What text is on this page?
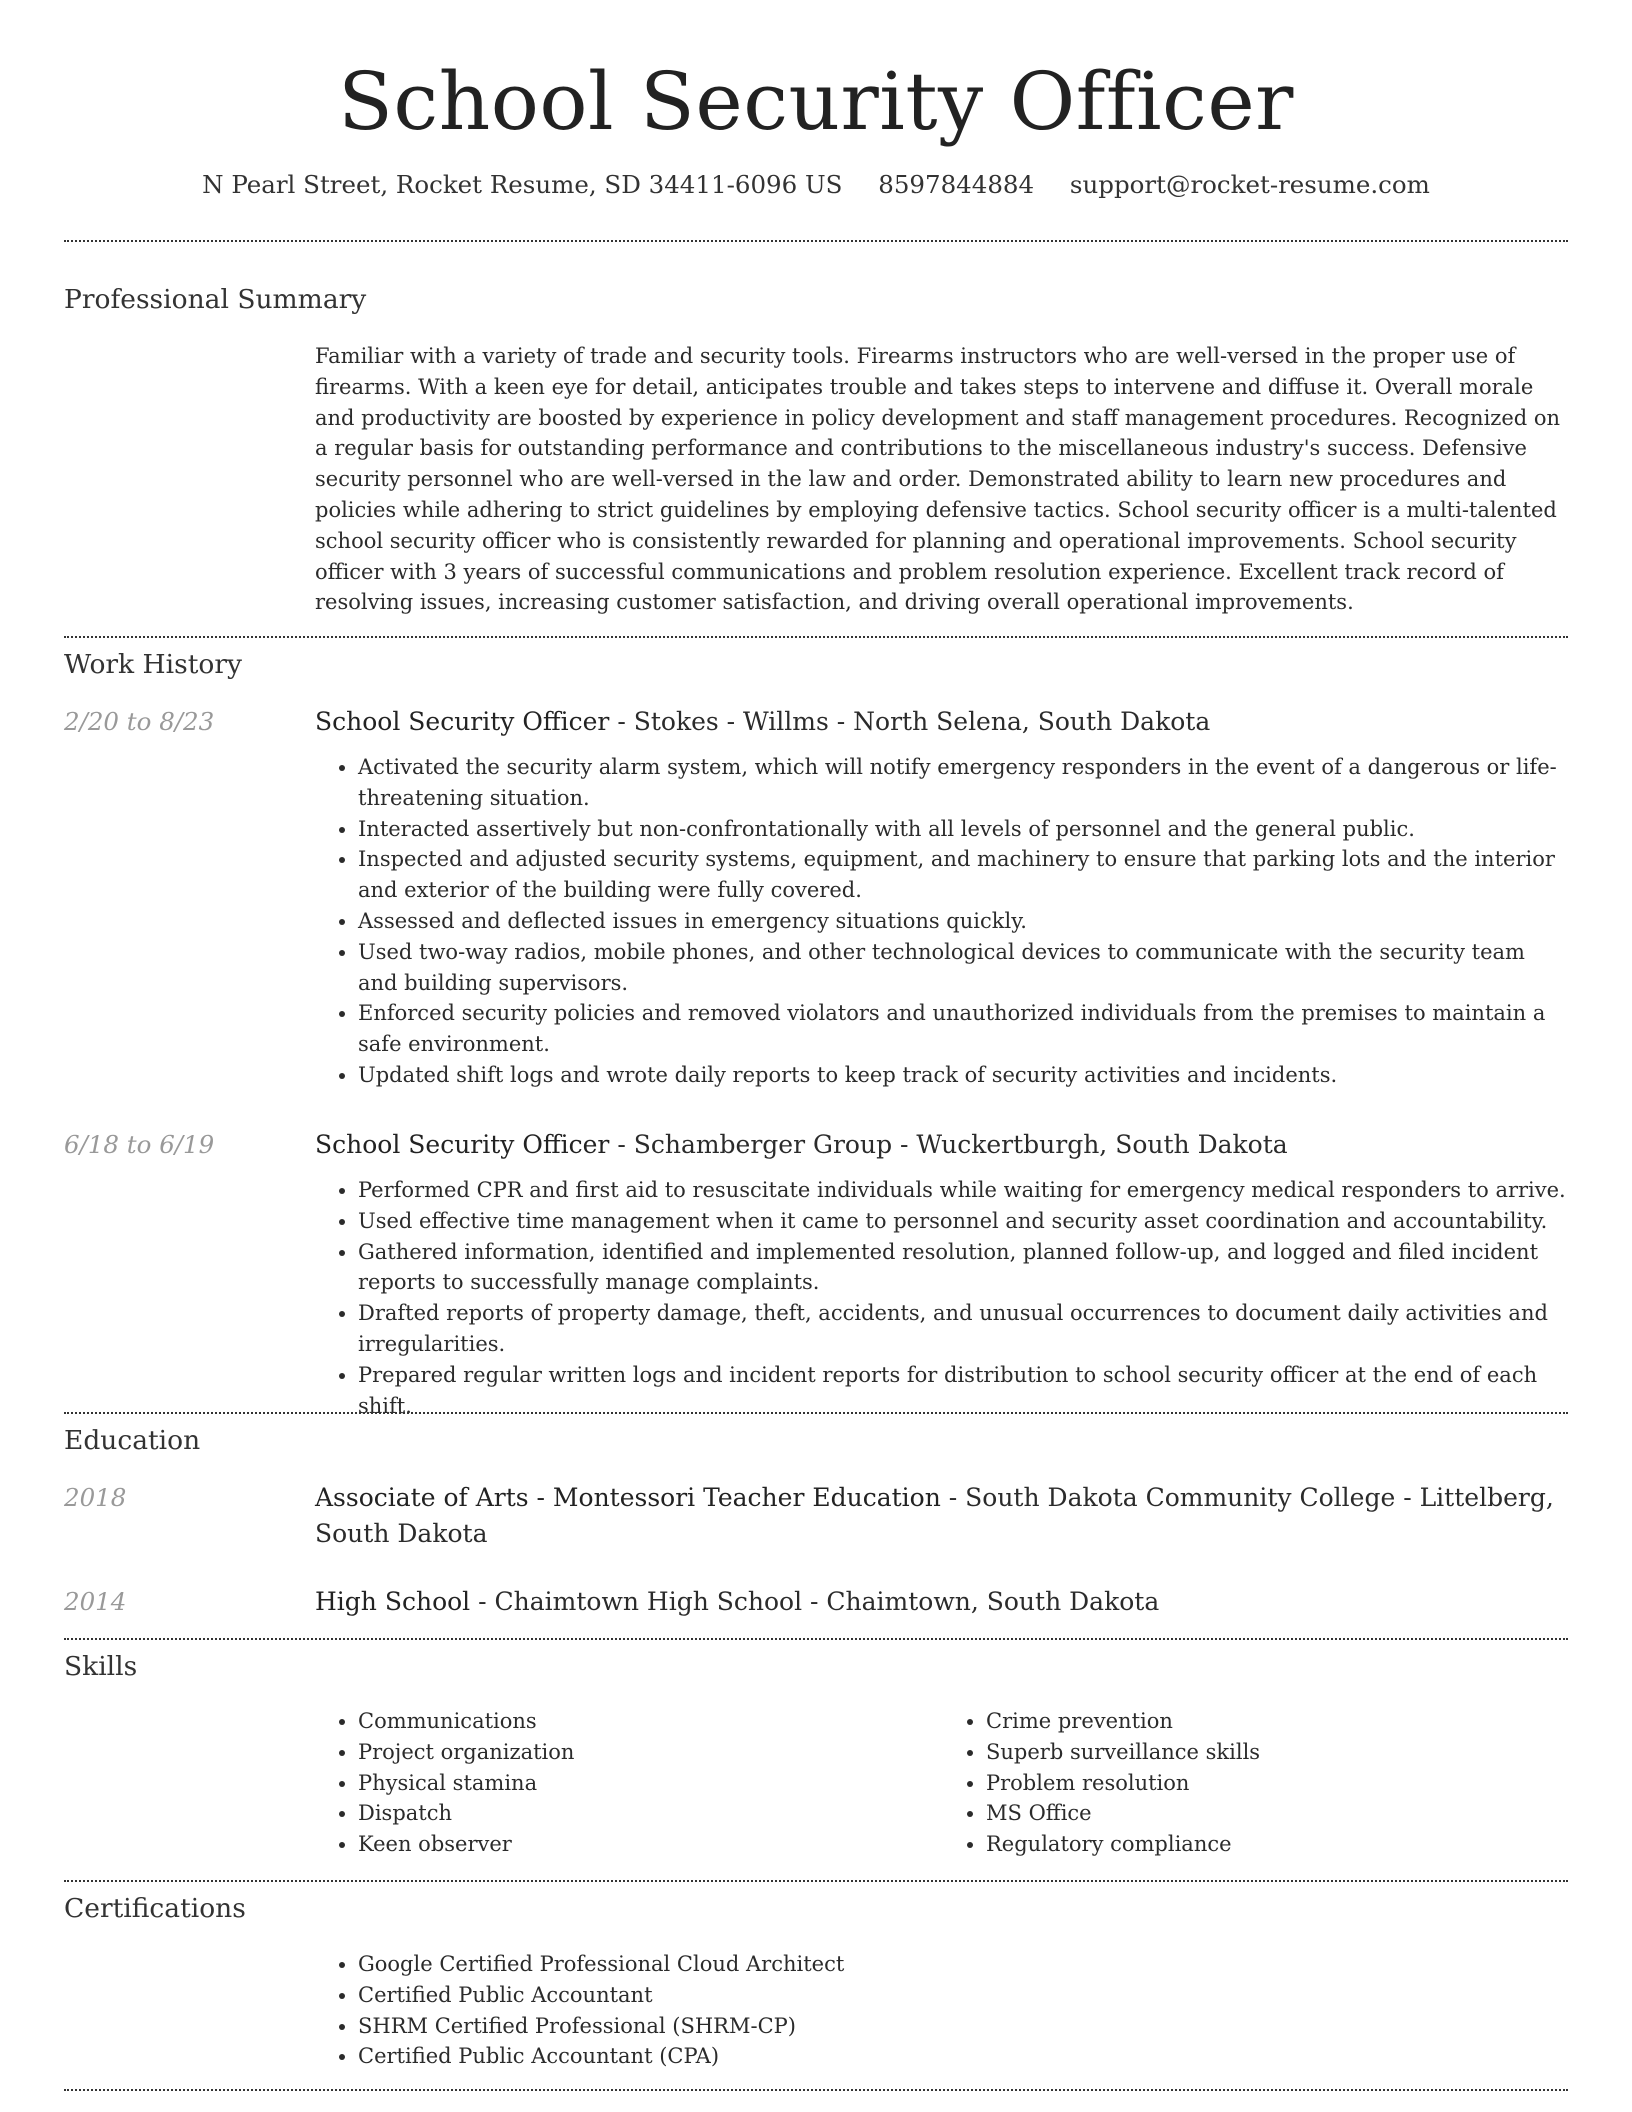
School Security Officer
N Pearl Street, Rocket Resume, SD 34411-6096 US 8597844884 support@rocket-resume.com
Professional Summary
Familiar with a variety of trade and security tools. Firearms instructors who are well-versed in the proper use of firearms. With a keen eye for detail, anticipates trouble and takes steps to intervene and diffuse it. Overall morale and productivity are boosted by experience in policy development and staff management procedures. Recognized on a regular basis for outstanding performance and contributions to the miscellaneous industry's success. Defensive security personnel who are well-versed in the law and order. Demonstrated ability to learn new procedures and policies while adhering to strict guidelines by employing defensive tactics. School security officer is a multi-talented school security officer who is consistently rewarded for planning and operational improvements. School security officer with 3 years of successful communications and problem resolution experience. Excellent track record of resolving issues, increasing customer satisfaction, and driving overall operational improvements.
Work History
2/20 to 8/23	School Security Officer - Stokes - Willms - North Selena, South Dakota
• Activated the security alarm system, which will notify emergency responders in the event of a dangerous or life-threatening situation.
• Interacted assertively but non-confrontationally with all levels of personnel and the general public.
• Inspected and adjusted security systems, equipment, and machinery to ensure that parking lots and the interior and exterior of the building were fully covered.
• Assessed and deflected issues in emergency situations quickly.
• Used two-way radios, mobile phones, and other technological devices to communicate with the security team and building supervisors.
• Enforced security policies and removed violators and unauthorized individuals from the premises to maintain a safe environment.
• Updated shift logs and wrote daily reports to keep track of security activities and incidents.
6/18 to 6/19	School Security Officer - Schamberger Group - Wuckertburgh, South Dakota
• Performed CPR and first aid to resuscitate individuals while waiting for emergency medical responders to arrive.
• Used effective time management when it came to personnel and security asset coordination and accountability.
• Gathered information, identified and implemented resolution, planned follow-up, and logged and filed incident reports to successfully manage complaints.
• Drafted reports of property damage, theft, accidents, and unusual occurrences to document daily activities and irregularities.
• Prepared regular written logs and incident reports for distribution to school security officer at the end of each shift.
Education
2018	Associate of Arts - Montessori Teacher Education - South Dakota Community College - Littelberg, South Dakota
2014	High School - Chaimtown High School - Chaimtown, South Dakota
Skills
• Communications
• Project organization
• Physical stamina
• Dispatch
• Keen observer
• Crime prevention
• Superb surveillance skills
• Problem resolution
• MS Office
• Regulatory compliance
Certifications
• Google Certified Professional Cloud Architect
• Certified Public Accountant
• SHRM Certified Professional (SHRM-CP)
• Certified Public Accountant (CPA)
